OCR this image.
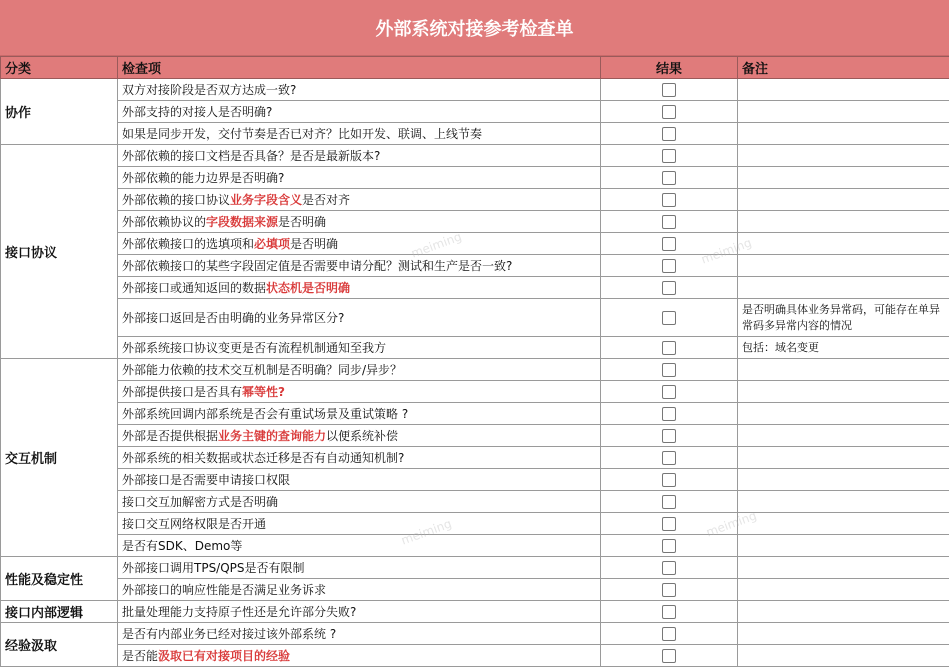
外部系统对接参考检查单
分类	检查项	结果	备注
协作	双方对接阶段是否双方达成一致?		
	外部支持的对接人是否明确?		
	如果是同步开发，交付节奏是否已对齐？比如开发、联调、上线节奏		
接口协议	外部依赖的接口文档是否具备？是否是最新版本?		
	外部依赖的能力边界是否明确?		
	外部依赖的接口协议业务字段含义是否对齐		
	外部依赖协议的字段数据来源是否明确		
	外部依赖接口的选填项和必填项是否明确		
	外部依赖接口的某些字段固定值是否需要申请分配？测试和生产是否一致?		
	外部接口或通知返回的数据状态机是否明确		
	外部接口返回是否由明确的业务异常区分?		是否明确具体业务异常码，可能存在单异常码多异常内容的情况
	外部系统接口协议变更是否有流程机制通知至我方		包括：域名变更
交互机制	外部能力依赖的技术交互机制是否明确？同步/异步？		
	外部提供接口是否具有幂等性?		
	外部系统回调内部系统是否会有重试场景及重试策略 ?		
	外部是否提供根据业务主键的查询能力以便系统补偿		
	外部系统的相关数据或状态迁移是否有自动通知机制?		
	外部接口是否需要申请接口权限		
	接口交互加解密方式是否明确		
	接口交互网络权限是否开通		
	是否有SDK、Demo等		
性能及稳定性	外部接口调用TPS/QPS是否有限制		
	外部接口的响应性能是否满足业务诉求		
接口内部逻辑	批量处理能力支持原子性还是允许部分失败?		
经验汲取	是否有内部业务已经对接过该外部系统 ?		
	是否能汲取已有对接项目的经验		
meiming	meiming
meiming	meiming
